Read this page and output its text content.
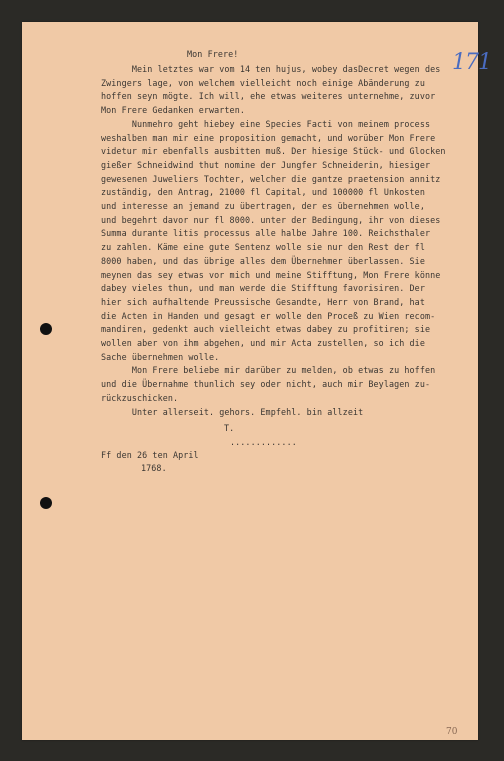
171
Mon Frere!
Mein letztes war vom 14 ten hujus, wobey dasDecret wegen des
Zwingers lage, von welchem vielleicht noch einige Abänderung zu
hoffen seyn mögte. Ich will, ehe etwas weiteres unternehme, zuvor
Mon Frere Gedanken erwarten.
Nunmehro geht hiebey eine Species Facti von meinem process
weshalben man mir eine proposition gemacht, und worüber Mon Frere
videtur mir ebenfalls ausbitten muß. Der hiesige Stück- und Glocken
gießer Schneidwind thut nomine der Jungfer Schneiderin, hiesiger
gewesenen Juweliers Tochter, welcher die gantze praetension annitz
zuständig, den Antrag, 21000 fl Capital, und 100000 fl Unkosten
und interesse an jemand zu übertragen, der es übernehmen wolle,
und begehrt davor nur fl 8000. unter der Bedingung, ihr von dieses
Summa durante litis processus alle halbe Jahre 100. Reichsthaler
zu zahlen. Käme eine gute Sentenz wolle sie nur den Rest der fl
8000 haben, und das übrige alles dem Übernehmer überlassen. Sie
meynen das sey etwas vor mich und meine Stifftung, Mon Frere könne
dabey vieles thun, und man werde die Stifftung favorisiren. Der
hier sich aufhaltende Preussische Gesandte, Herr von Brand, hat
die Acten in Handen und gesagt er wolle den Proceß zu Wien recom-
mandiren, gedenkt auch vielleicht etwas dabey zu profitiren; sie
wollen aber von ihm abgehen, und mir Acta zustellen, so ich die
Sache übernehmen wolle.
Mon Frere beliebe mir darüber zu melden, ob etwas zu hoffen
und die Übernahme thunlich sey oder nicht, auch mir Beylagen zu-
rückzuschicken.
Unter allerseit. gehors. Empfehl. bin allzeit
T.
.............
Ff den 26 ten April
1768.
70
